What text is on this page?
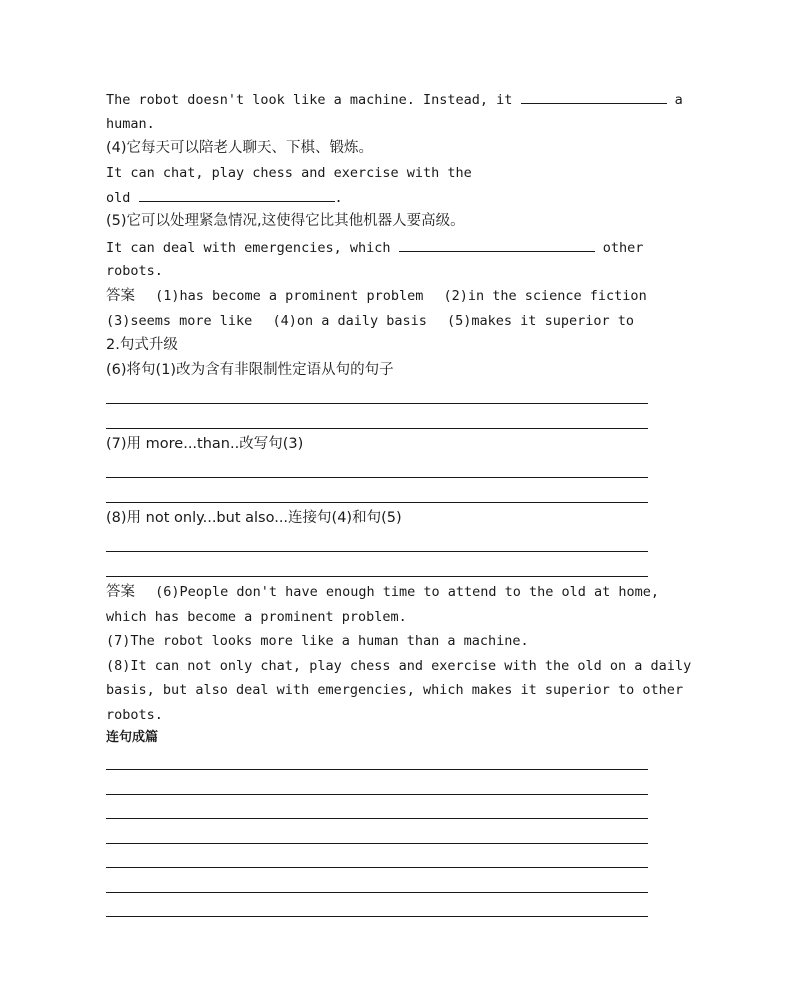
The robot doesn't look like a machine. Instead, it	a
human.
(4)它每天可以陪老人聊天、下棋、锻炼。
It can chat, play chess and exercise with the
old	.
(5)它可以处理紧急情况,这使得它比其他机器人要高级。
It can deal with emergencies, which	other
robots.
答案 (1)has become a prominent problem (2)in the science fiction
(3)seems more like (4)on a daily basis (5)makes it superior to
2.句式升级
(6)将句(1)改为含有非限制性定语从句的句子
(7)用 more...than..改写句(3)
(8)用 not only...but also...连接句(4)和句(5)
答案 (6)People don't have enough time to attend to the old at home,
which has become a prominent problem.
(7)The robot looks more like a human than a machine.
(8)It can not only chat, play chess and exercise with the old on a daily
basis, but also deal with emergencies, which makes it superior to other
robots.
连句成篇
